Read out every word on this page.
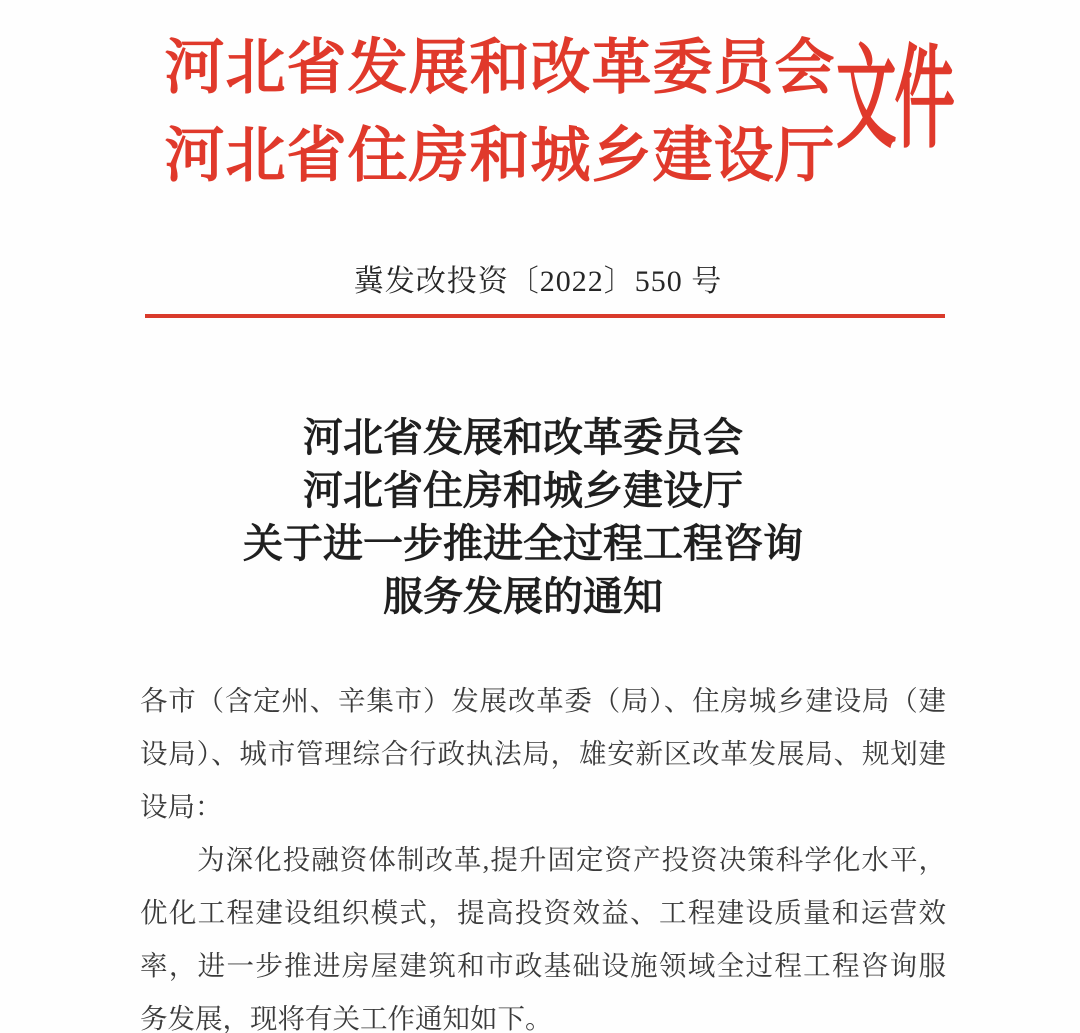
河北省发展和改革委员会
河北省住房和城乡建设厅 文件
冀发改投资〔2022〕550 号
河北省发展和改革委员会
河北省住房和城乡建设厅
关于进一步推进全过程工程咨询
服务发展的通知
各市（含定州、辛集市）发展改革委（局）、住房城乡建设局（建
设局）、城市管理综合行政执法局，雄安新区改革发展局、规划建
设局：
　　为深化投融资体制改革,提升固定资产投资决策科学化水平，
优化工程建设组织模式，提高投资效益、工程建设质量和运营效
率，进一步推进房屋建筑和市政基础设施领域全过程工程咨询服
务发展，现将有关工作通知如下。
